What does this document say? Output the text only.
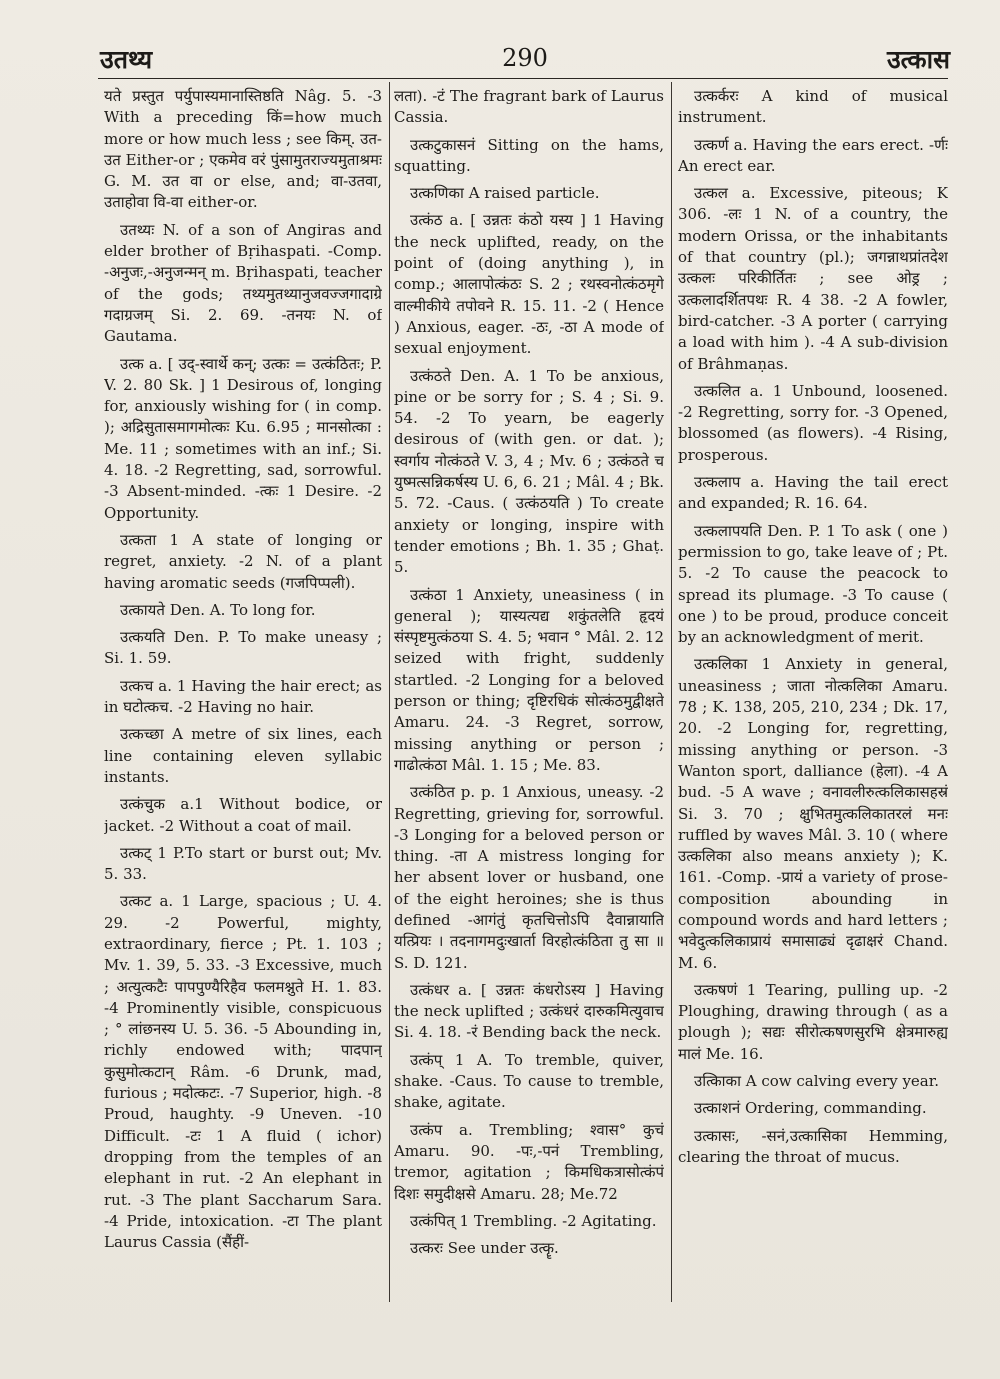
290
उतथ्य	उत्कास

यते प्रस्तुत पर्युपास्यमानास्तिष्ठति Nâg. 5. -3 With a preceding किं=how much more or how much less ; see किम्. उत-उत Either-or ; एकमेव वरं पुंसामुतराज्यमुताश्रमः G. M. उत वा or else, and; वा-उतवा, उताहोवा वि-वा either-or.

उतथ्यः N. of a son of Angiras and elder brother of Bṛihaspati. -Comp. -अनुजः,-अनुजन्मन् m. Bṛihaspati, teacher of the gods; तथ्यमुतथ्यानुजवज्जगादाग्रे गदाग्रजम् Si. 2. 69. -तनयः N. of Gautama.

उत्क a. [ उद्-स्वार्थे कन्; उत्कः = उत्कंठितः; P. V. 2. 80 Sk. ] 1 Desirous of, longing for, anxiously wishing for ( in comp. ); अद्रिसुतासमागमोत्कः Ku. 6.95 ; मानसोत्का : Me. 11 ; sometimes with an inf.; Si. 4. 18. -2 Regretting, sad, sorrowful. -3 Absent-minded. -त्कः 1 Desire. -2 Opportunity.

उत्कता 1 A state of longing or regret, anxiety. -2 N. of a plant having aromatic seeds (गजपिप्पली).

उत्कायते Den. A. To long for.

उत्कयति Den. P. To make uneasy ; Si. 1. 59.

उत्कच a. 1 Having the hair erect; as in घटोत्कच. -2 Having no hair.

उत्कच्छा A metre of six lines, each line containing eleven syllabic instants.

उत्कंचुक a.1 Without bodice, or jacket. -2 Without a coat of mail.

उत्कट् 1 P.To start or burst out; Mv. 5. 33.

उत्कट a. 1 Large, spacious ; U. 4. 29. -2 Powerful, mighty, extraordinary, fierce ; Pt. 1. 103 ; Mv. 1. 39, 5. 33. -3 Excessive, much ; अत्युत्कटैः पापपुण्यैरिहैव फलमश्नुते H. 1. 83. -4 Prominently visible, conspicuous ; ° लांछनस्य U. 5. 36. -5 Abounding in, richly endowed with; पादपान् कुसुमोत्कटान् Râm. -6 Drunk, mad, furious ; मदोत्कटः. -7 Superior, high. -8 Proud, haughty. -9 Uneven. -10 Difficult. -टः 1 A fluid ( ichor) dropping from the temples of an elephant in rut. -2 An elephant in rut. -3 The plant Saccharum Sara. -4 Pride, intoxication. -टा The plant Laurus Cassia (सैंहीं-

लता). -टं The fragrant bark of Laurus Cassia.

उत्कटुकासनं Sitting on the hams, squatting.

उत्कणिका A raised particle.

उत्कंठ a. [ उन्नतः कंठो यस्य ] 1 Having the neck uplifted, ready, on the point of (doing anything ), in comp.; आलापोत्कंठः S. 2 ; रथस्वनोत्कंठमृगे वाल्मीकीये तपोवने R. 15. 11. -2 ( Hence ) Anxious, eager. -ठः, -ठा A mode of sexual enjoyment.

उत्कंठते Den. A. 1 To be anxious, pine or be sorry for ; S. 4 ; Si. 9. 54. -2 To yearn, be eagerly desirous of (with gen. or dat. ); स्वर्गाय नोत्कंठते V. 3, 4 ; Mv. 6 ; उत्कंठते च युष्मत्सन्निकर्षस्य U. 6, 6. 21 ; Mâl. 4 ; Bk. 5. 72. -Caus. ( उत्कंठयति ) To create anxiety or longing, inspire with tender emotions ; Bh. 1. 35 ; Ghaṭ. 5.

उत्कंठा 1 Anxiety, uneasiness ( in general ); यास्यत्यद्य शकुंतलेति हृदयं संस्पृष्टमुत्कंठया S. 4. 5; भवान ° Mâl. 2. 12 seized with fright, suddenly startled. -2 Longing for a beloved person or thing; दृष्टिरधिकं सोत्कंठमुद्वीक्षते Amaru. 24. -3 Regret, sorrow, missing anything or person ; गाढोत्कंठा Mâl. 1. 15 ; Me. 83.

उत्कंठित p. p. 1 Anxious, uneasy. -2 Regretting, grieving for, sorrowful. -3 Longing for a beloved person or thing. -ता A mistress longing for her absent lover or husband, one of the eight heroines; she is thus defined -आगंतुं कृतचित्तोऽपि दैवान्नायाति यत्प्रियः । तदनागमदुःखार्ता विरहोत्कंठिता तु सा ॥ S. D. 121.

उत्कंधर a. [ उन्नतः कंधरोऽस्य ] Having the neck uplifted ; उत्कंधरं दारुकमित्युवाच Si. 4. 18. -रं Bending back the neck.

उत्कंप् 1 A. To tremble, quiver, shake. -Caus. To cause to tremble, shake, agitate.

उत्कंप a. Trembling; श्वास° कुचं Amaru. 90. -पः,-पनं Trembling, tremor, agitation ; किमधिकत्रासोत्कंपं दिशः समुदीक्षसे Amaru. 28; Me.72

उत्कंपित् 1 Trembling. -2 Agitating.

उत्करः See under उत्कॄ.

उत्कर्करः A kind of musical instrument.

उत्कर्ण a. Having the ears erect. -र्णः An erect ear.

उत्कल a. Excessive, piteous; K 306. -लः 1 N. of a country, the modern Orissa, or the inhabitants of that country (pl.); जगन्नाथप्रांतदेश उत्कलः परिकीर्तितः ; see ओड्र ; उत्कलादर्शितपथः R. 4 38. -2 A fowler, bird-catcher. -3 A porter ( carrying a load with him ). -4 A sub-division of Brâhmaṇas.

उत्कलित a. 1 Unbound, loosened. -2 Regretting, sorry for. -3 Opened, blossomed (as flowers). -4 Rising, prosperous.

उत्कलाप a. Having the tail erect and expanded; R. 16. 64.

उत्कलापयति Den. P. 1 To ask ( one ) permission to go, take leave of ; Pt. 5. -2 To cause the peacock to spread its plumage. -3 To cause ( one ) to be proud, produce conceit by an acknowledgment of merit.

उत्कलिका 1 Anxiety in general, uneasiness ; जाता नोत्कलिका Amaru. 78 ; K. 138, 205, 210, 234 ; Dk. 17, 20. -2 Longing for, regretting, missing anything or person. -3 Wanton sport, dalliance (हेला). -4 A bud. -5 A wave ; वनावलीरुत्कलिकासहस्रं Si. 3. 70 ; क्षुभितमुत्कलिकातरलं मनः ruffled by waves Mâl. 3. 10 ( where उत्कलिका also means anxiety ); K. 161. -Comp. -प्रायं a variety of prose-composition abounding in compound words and hard letters ; भवेदुत्कलिकाप्रायं समासाढ्यं दृढाक्षरं Chand. M. 6.

उत्कषणं 1 Tearing, pulling up. -2 Ploughing, drawing through ( as a plough ); सद्यः सीरोत्कषणसुरभि क्षेत्रमारुह्य मालं Me. 16.

उत्कािका A cow calving every year.

उत्काशनं Ordering, commanding.

उत्कासः, -सनं,उत्कासिका Hemming, clearing the throat of mucus.
